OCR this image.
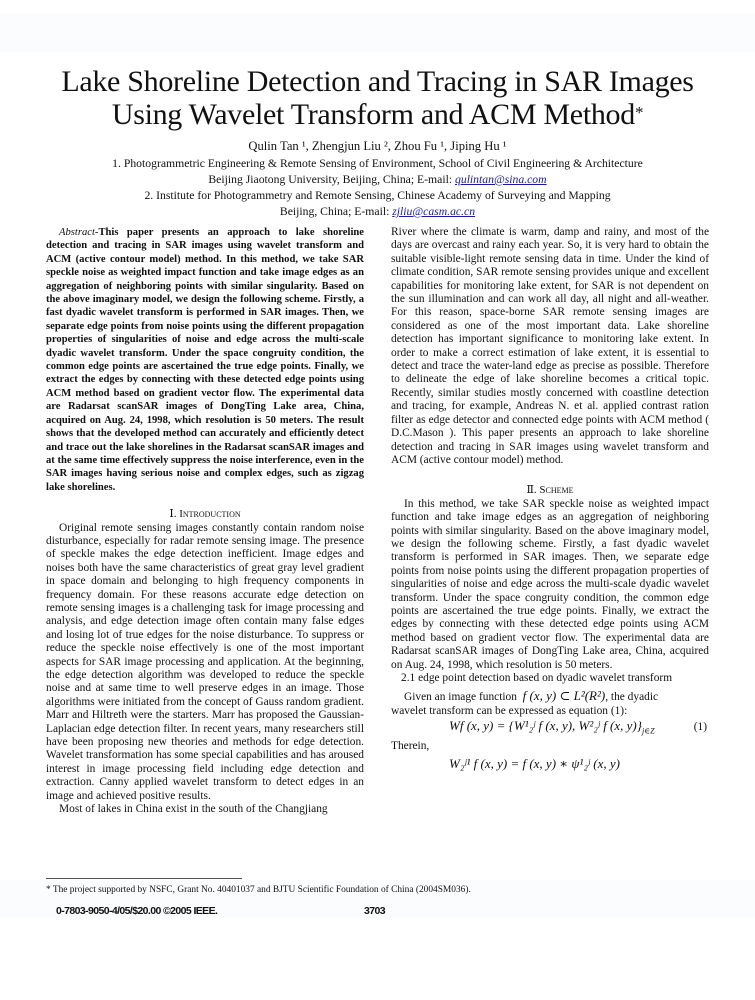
Lake Shoreline Detection and Tracing in SAR Images
Using Wavelet Transform and ACM Method*
Qulin Tan ¹, Zhengjun Liu ², Zhou Fu ¹, Jiping Hu ¹
1. Photogrammetric Engineering & Remote Sensing of Environment, School of Civil Engineering & Architecture
Beijing Jiaotong University, Beijing, China; E-mail: qulintan@sina.com
2. Institute for Photogrammetry and Remote Sensing, Chinese Academy of Surveying and Mapping
Beijing, China; E-mail: zjliu@casm.ac.cn

Abstract-This paper presents an approach to lake shoreline detection and tracing in SAR images using wavelet transform and ACM (active contour model) method. In this method, we take SAR speckle noise as weighted impact function and take image edges as an aggregation of neighboring points with similar singularity. Based on the above imaginary model, we design the following scheme. Firstly, a fast dyadic wavelet transform is performed in SAR images. Then, we separate edge points from noise points using the different propagation properties of singularities of noise and edge across the multi-scale dyadic wavelet transform. Under the space congruity condition, the common edge points are ascertained the true edge points. Finally, we extract the edges by connecting with these detected edge points using ACM method based on gradient vector flow. The experimental data are Radarsat scanSAR images of DongTing Lake area, China, acquired on Aug. 24, 1998, which resolution is 50 meters. The result shows that the developed method can accurately and efficiently detect and trace out the lake shorelines in the Radarsat scanSAR images and at the same time effectively suppress the noise interference, even in the SAR images having serious noise and complex edges, such as zigzag lake shorelines.

Ⅰ. Introduction

Original remote sensing images constantly contain random noise disturbance, especially for radar remote sensing image. The presence of speckle makes the edge detection inefficient. Image edges and noises both have the same characteristics of great gray level gradient in space domain and belonging to high frequency components in frequency domain. For these reasons accurate edge detection on remote sensing images is a challenging task for image processing and analysis, and edge detection image often contain many false edges and losing lot of true edges for the noise disturbance. To suppress or reduce the speckle noise effectively is one of the most important aspects for SAR image processing and application. At the beginning, the edge detection algorithm was developed to reduce the speckle noise and at same time to well preserve edges in an image. Those algorithms were initiated from the concept of Gauss random gradient. Marr and Hiltreth were the starters. Marr has proposed the Gaussian-Laplacian edge detection filter. In recent years, many researchers still have been proposing new theories and methods for edge detection. Wavelet transformation has some special capabilities and has aroused interest in image processing field including edge detection and extraction. Canny applied wavelet transform to detect edges in an image and achieved positive results.

Most of lakes in China exist in the south of the Changjiang

River where the climate is warm, damp and rainy, and most of the days are overcast and rainy each year. So, it is very hard to obtain the suitable visible-light remote sensing data in time. Under the kind of climate condition, SAR remote sensing provides unique and excellent capabilities for monitoring lake extent, for SAR is not dependent on the sun illumination and can work all day, all night and all-weather. For this reason, space-borne SAR remote sensing images are considered as one of the most important data. Lake shoreline detection has important significance to monitoring lake extent. In order to make a correct estimation of lake extent, it is essential to detect and trace the water-land edge as precise as possible. Therefore to delineate the edge of lake shoreline becomes a critical topic. Recently, similar studies mostly concerned with coastline detection and tracing, for example, Andreas N. et al. applied contrast ration filter as edge detector and connected edge points with ACM method ( D.C.Mason ). This paper presents an approach to lake shoreline detection and tracing in SAR images using wavelet transform and ACM (active contour model) method.

Ⅱ. Scheme

In this method, we take SAR speckle noise as weighted impact function and take image edges as an aggregation of neighboring points with similar singularity. Based on the above imaginary model, we design the following scheme. Firstly, a fast dyadic wavelet transform is performed in SAR images. Then, we separate edge points from noise points using the different propagation properties of singularities of noise and edge across the multi-scale dyadic wavelet transform. Under the space congruity condition, the common edge points are ascertained the true edge points. Finally, we extract the edges by connecting with these detected edge points using ACM method based on gradient vector flow. The experimental data are Radarsat scanSAR images of DongTing Lake area, China, acquired on Aug. 24, 1998, which resolution is 50 meters.

2.1 edge point detection based on dyadic wavelet transform

Given an image function f (x, y) ⊂ L²(R²), the dyadic

wavelet transform can be expressed as equation (1):

Wf (x, y) = {W¹₂ʲ f (x, y), W²₂ʲ f (x, $y)\}_{j\in Z}$	(1)

Therein,

W₂ʲ¹ f (x, y) = f (x, y) ∗ ψ¹₂ʲ (x, y)
* The project supported by NSFC, Grant No. 40401037 and BJTU Scientific Foundation of China (2004SM036).
0-7803-9050-4/05/$20.00 ©2005 IEEE.	3703
